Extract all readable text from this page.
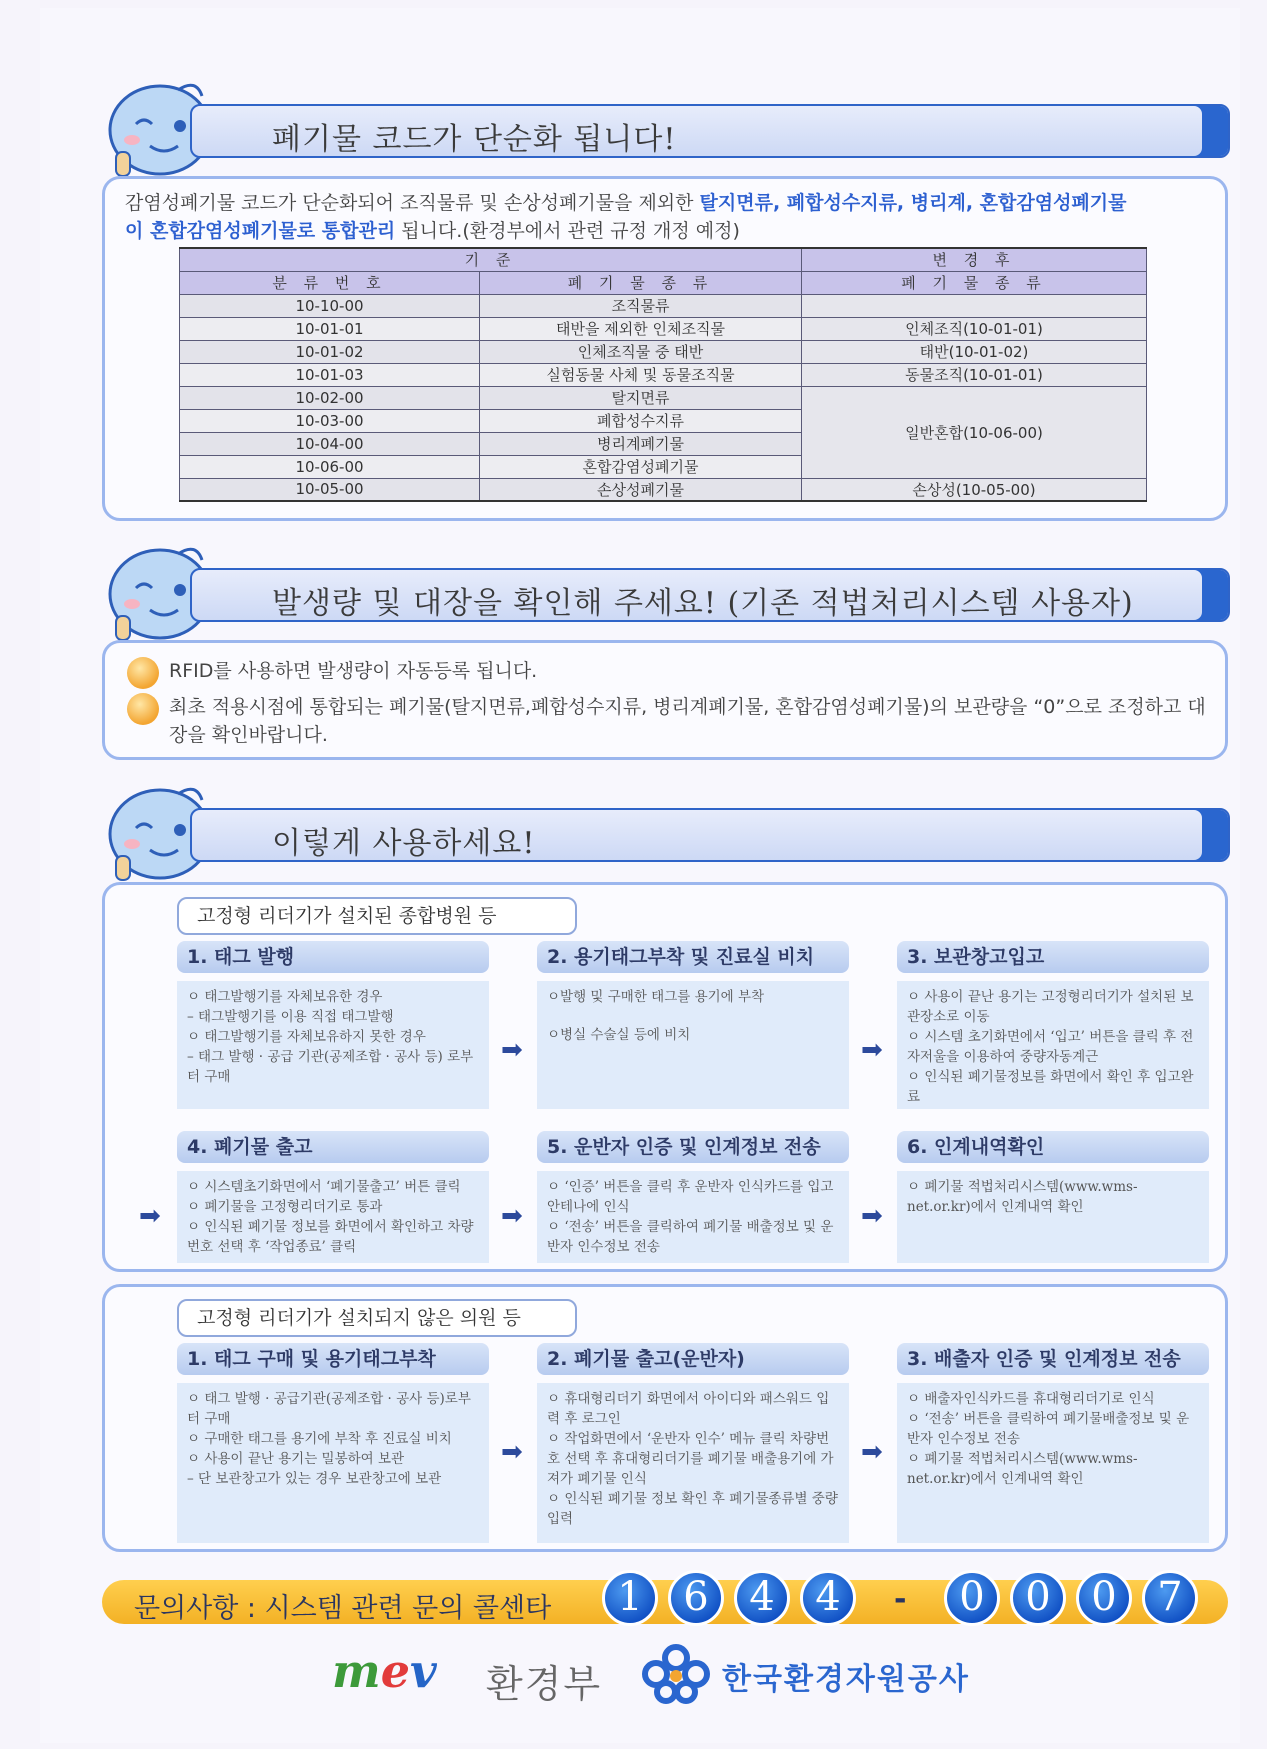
폐기물 코드가 단순화 됩니다!
감염성폐기물 코드가 단순화되어 조직물류 및 손상성폐기물을 제외한 탈지면류, 폐합성수지류, 병리계, 혼합감염성폐기물
이 혼합감염성폐기물로 통합관리 됩니다.(환경부에서 관련 규정 개정 예정)
기 준		변 경 후
분 류 번 호	폐 기 물 종 류	폐 기 물 종 류
10-10-00	조직물류	
10-01-01	태반을 제외한 인체조직물	인체조직(10-01-01)
10-01-02	인체조직물 중 태반	태반(10-01-02)
10-01-03	실험동물 사체 및 동물조직물	동물조직(10-01-01)
10-02-00	탈지면류	일반혼합(10-06-00)
10-03-00	폐합성수지류	
10-04-00	병리계폐기물	
10-06-00	혼합감염성폐기물	
10-05-00	손상성폐기물	손상성(10-05-00)
발생량 및 대장을 확인해 주세요! (기존 적법처리시스템 사용자)
RFID를 사용하면 발생량이 자동등록 됩니다.
최초 적용시점에 통합되는 폐기물(탈지면류,폐합성수지류, 병리계폐기물, 혼합감염성폐기물)의 보관량을 “0”으로 조정하고 대장을 확인바랍니다.
이렇게 사용하세요!
고정형 리더기가 설치된 종합병원 등
1. 태그 발행
ㅇ 태그발행기를 자체보유한 경우
– 태그발행기를 이용 직접 태그발행
ㅇ 태그발행기를 자체보유하지 못한 경우
– 태그 발행 · 공급 기관(공제조합 · 공사 등) 로부터 구매
➡
2. 용기태그부착 및 진료실 비치
ㅇ발행 및 구매한 태그를 용기에 부착
ㅇ병실 수술실 등에 비치	➡
3. 보관창고입고
ㅇ 사용이 끝난 용기는 고정형리더기가 설치된 보관장소로 이동
ㅇ 시스템 초기화면에서 ‘입고’ 버튼을 클릭 후 전자저울을 이용하여 중량자동계근
ㅇ 인식된 폐기물정보를 화면에서 확인 후 입고완료
➡
4. 폐기물 출고
ㅇ 시스템초기화면에서 ‘폐기물출고’ 버튼 클릭
ㅇ 폐기물을 고정형리더기로 통과
ㅇ 인식된 폐기물 정보를 화면에서 확인하고 차량번호 선택 후 ‘작업종료’ 클릭
➡
5. 운반자 인증 및 인계정보 전송
ㅇ ‘인증’ 버튼을 클릭 후 운반자 인식카드를 입고 안테나에 인식
ㅇ ‘전송’ 버튼을 클릭하여 폐기물 배출정보 및 운반자 인수정보 전송
➡
6. 인계내역확인
ㅇ 폐기물 적법처리시스템(www.wms-net.or.kr)에서 인계내역 확인
고정형 리더기가 설치되지 않은 의원 등
1. 태그 구매 및 용기태그부착
ㅇ 태그 발행 · 공급기관(공제조합 · 공사 등)로부터 구매
ㅇ 구매한 태그를 용기에 부착 후 진료실 비치
ㅇ 사용이 끝난 용기는 밀봉하여 보관
– 단 보관창고가 있는 경우 보관창고에 보관
➡
2. 폐기물 출고(운반자)
ㅇ 휴대형리더기 화면에서 아이디와 패스워드 입력 후 로그인
ㅇ 작업화면에서 ‘운반자 인수’ 메뉴 클릭 차량번호 선택 후 휴대형리더기를 폐기물 배출용기에 가져가 폐기물 인식
ㅇ 인식된 폐기물 정보 확인 후 폐기물종류별 중량 입력
➡
3. 배출자 인증 및 인계정보 전송
ㅇ 배출자인식카드를 휴대형리더기로 인식
ㅇ ‘전송’ 버튼을 클릭하여 폐기물배출정보 및 운반자 인수정보 전송
ㅇ 폐기물 적법처리시스템(www.wms-net.or.kr)에서 인계내역 확인
문의사항 : 시스템 관련 문의 콜센타	1	6	4	4	-	0	0	0	7
mev 환경부	한국환경자원공사
